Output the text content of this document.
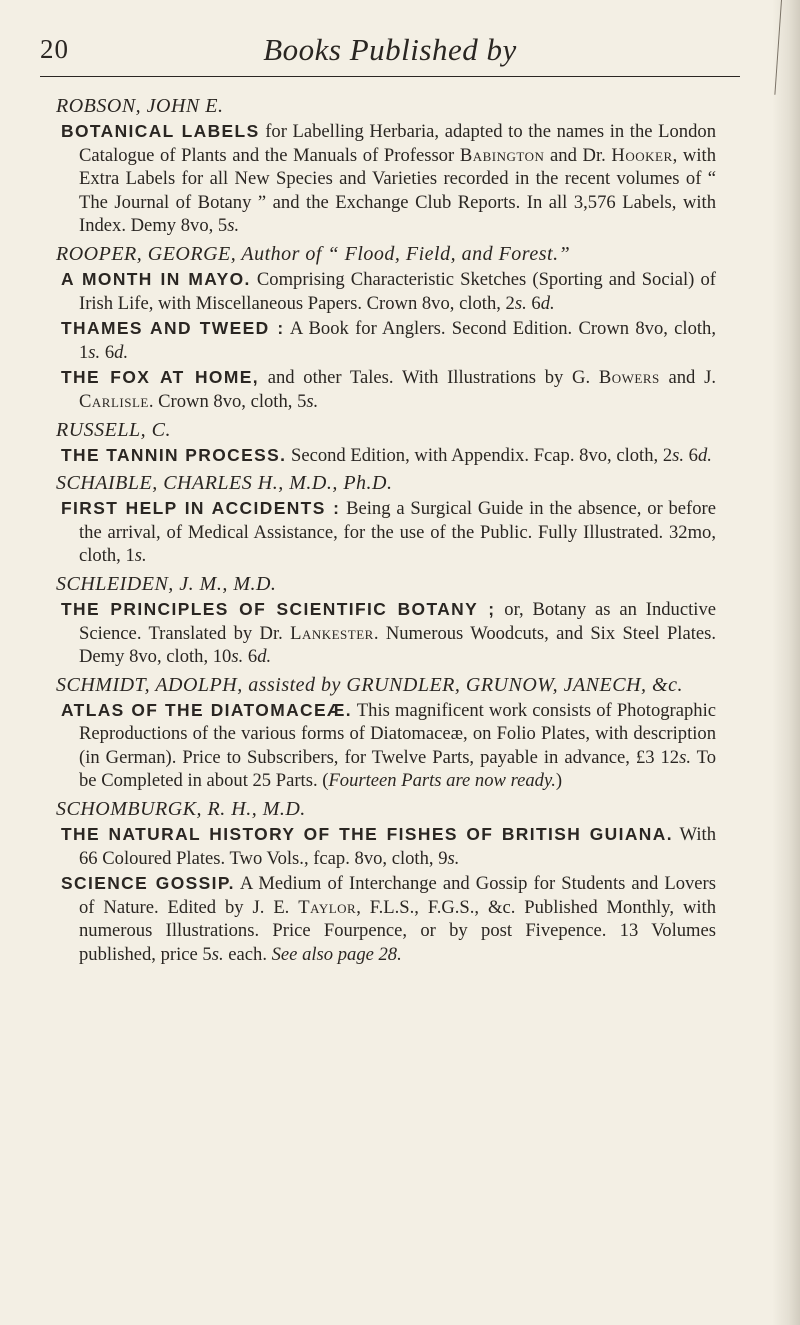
20	Books Published by
ROBSON, JOHN E.

BOTANICAL LABELS for Labelling Herbaria, adapted to the names in the London Catalogue of Plants and the Manuals of Professor Babington and Dr. Hooker, with Extra Labels for all New Species and Varieties recorded in the recent volumes of “ The Journal of Botany ” and the Exchange Club Reports. In all 3,576 Labels, with Index. Demy 8vo, 5s.

ROOPER, GEORGE, Author of “ Flood, Field, and Forest.”

A MONTH IN MAYO. Comprising Characteristic Sketches (Sporting and Social) of Irish Life, with Miscellaneous Papers. Crown 8vo, cloth, 2s. 6d.

THAMES AND TWEED : A Book for Anglers. Second Edition. Crown 8vo, cloth, 1s. 6d.

THE FOX AT HOME, and other Tales. With Illustrations by G. Bowers and J. Carlisle. Crown 8vo, cloth, 5s.

RUSSELL, C.

THE TANNIN PROCESS. Second Edition, with Appendix. Fcap. 8vo, cloth, 2s. 6d.

SCHAIBLE, CHARLES H., M.D., Ph.D.

FIRST HELP IN ACCIDENTS : Being a Surgical Guide in the absence, or before the arrival, of Medical Assistance, for the use of the Public. Fully Illustrated. 32mo, cloth, 1s.

SCHLEIDEN, J. M., M.D.

THE PRINCIPLES OF SCIENTIFIC BOTANY ; or, Botany as an Inductive Science. Translated by Dr. Lankester. Numerous Woodcuts, and Six Steel Plates. Demy 8vo, cloth, 10s. 6d.

SCHMIDT, ADOLPH, assisted by GRUNDLER, GRUNOW, JANECH, &c.

ATLAS OF THE DIATOMACEÆ. This magnificent work consists of Photographic Reproductions of the various forms of Diatomaceæ, on Folio Plates, with description (in German). Price to Subscribers, for Twelve Parts, payable in advance, £3 12s. To be Completed in about 25 Parts. (Fourteen Parts are now ready.)

SCHOMBURGK, R. H., M.D.

THE NATURAL HISTORY OF THE FISHES OF BRITISH GUIANA. With 66 Coloured Plates. Two Vols., fcap. 8vo, cloth, 9s.

SCIENCE GOSSIP. A Medium of Interchange and Gossip for Students and Lovers of Nature. Edited by J. E. Taylor, F.L.S., F.G.S., &c. Published Monthly, with numerous Illustrations. Price Fourpence, or by post Fivepence. 13 Volumes published, price 5s. each. See also page 28.
